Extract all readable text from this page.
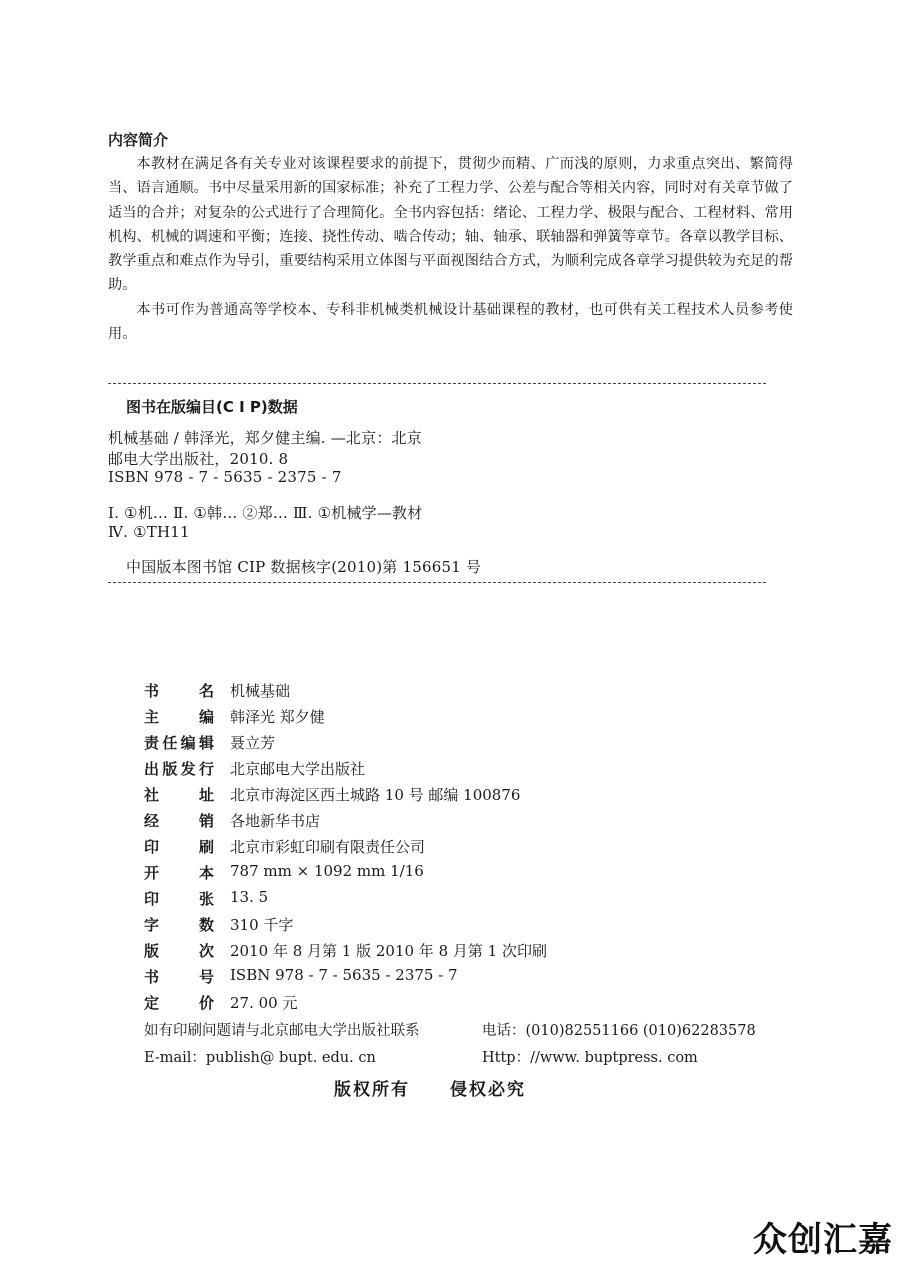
内容简介

本教材在满足各有关专业对该课程要求的前提下，贯彻少而精、广而浅的原则，力求重点突出、繁简得当、语言通顺。书中尽量采用新的国家标准；补充了工程力学、公差与配合等相关内容，同时对有关章节做了适当的合并；对复杂的公式进行了合理简化。全书内容包括：绪论、工程力学、极限与配合、工程材料、常用机构、机械的调速和平衡；连接、挠性传动、啮合传动；轴、轴承、联轴器和弹簧等章节。各章以教学目标、教学重点和难点作为导引，重要结构采用立体图与平面视图结合方式，为顺利完成各章学习提供较为充足的帮助。

本书可作为普通高等学校本、专科非机械类机械设计基础课程的教材，也可供有关工程技术人员参考使用。

图书在版编目(C I P)数据
机械基础 / 韩泽光，郑夕健主编. —北京：北京
邮电大学出版社，2010. 8
ISBN 978 - 7 - 5635 - 2375 - 7
Ⅰ. ①机… Ⅱ. ①韩… ②郑… Ⅲ. ①机械学—教材
Ⅳ. ①TH11
中国版本图书馆 CIP 数据核字(2010)第 156651 号
书	名 机械基础
主	编 韩泽光 郑夕健
责 任 编 辑 聂立芳
出 版 发 行 北京邮电大学出版社
社	址 北京市海淀区西土城路 10 号 邮编 100876
经	销 各地新华书店
印	刷 北京市彩虹印刷有限责任公司
开	本 787 mm × 1092 mm 1/16
印	张 13. 5
字	数 310 千字
版	次 2010 年 8 月第 1 版 2010 年 8 月第 1 次印刷
书	号 ISBN 978 - 7 - 5635 - 2375 - 7
定	价 27. 00 元
如有印刷问题请与北京邮电大学出版社联系	电话：(010)82551166 (010)62283578
E-mail：publish@ bupt. edu. cn	Http：//www. buptpress. com
版权所有 侵权必究
众创汇嘉
